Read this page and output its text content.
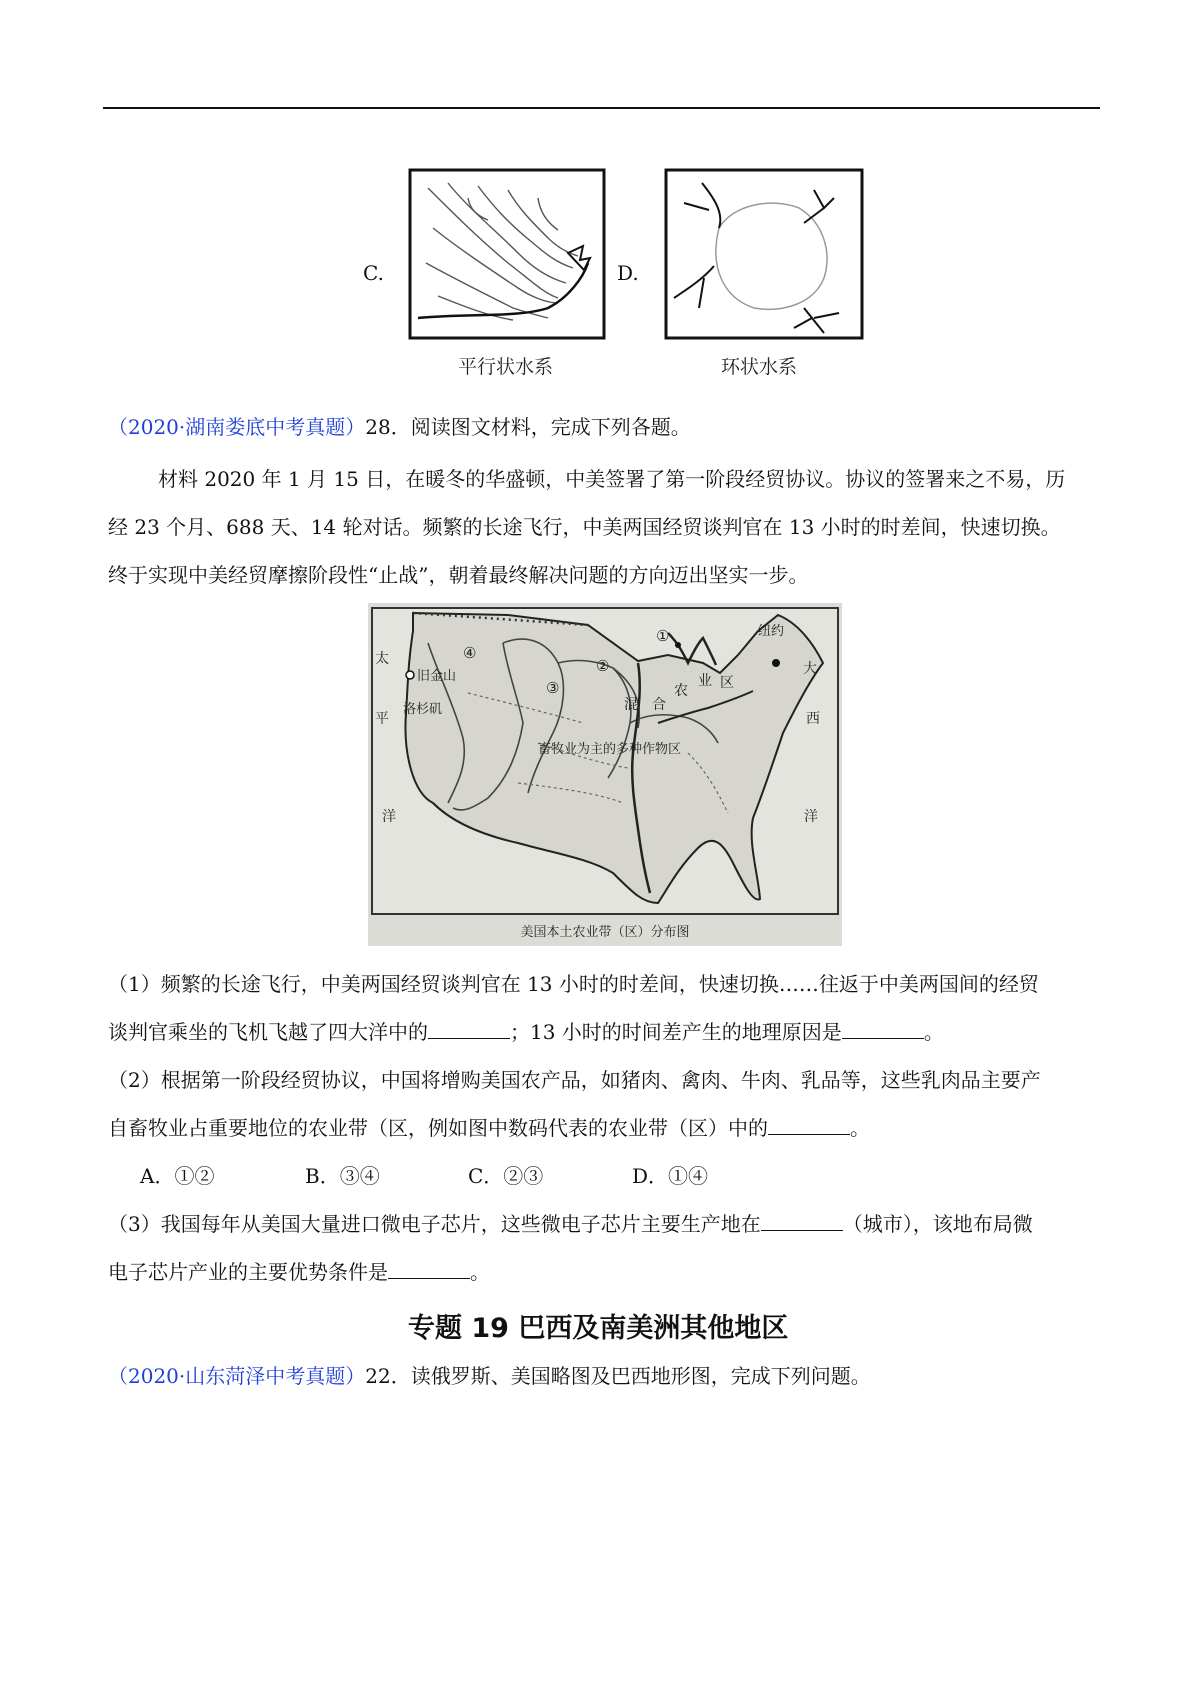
C.
平行状水系
D.
环状水系
（2020·湖南娄底中考真题）28．阅读图文材料，完成下列各题。
材料 2020 年 1 月 15 日，在暖冬的华盛顿，中美签署了第一阶段经贸协议。协议的签署来之不易，历
经 23 个月、688 天、14 轮对话。频繁的长途飞行，中美两国经贸谈判官在 13 小时的时差间，快速切换。
终于实现中美经贸摩擦阶段性“止战”，朝着最终解决问题的方向迈出坚实一步。
太
平
洋
大
西
洋
旧金山
洛杉矶
纽约
①
②
③
④
混 合
农
业 区
畜牧业为主的多种作物区
美国本土农业带（区）分布图
（1）频繁的长途飞行，中美两国经贸谈判官在 13 小时的时差间，快速切换……往返于中美两国间的经贸
谈判官乘坐的飞机飞越了四大洋中的	；13 小时的时间差产生的地理原因是	。
（2）根据第一阶段经贸协议，中国将增购美国农产品，如猪肉、禽肉、牛肉、乳品等，这些乳肉品主要产
自畜牧业占重要地位的农业带（区，例如图中数码代表的农业带（区）中的	。
A．①②	B．③④	C．②③	D．①④
（3）我国每年从美国大量进口微电子芯片，这些微电子芯片主要生产地在	（城市），该地布局微
电子芯片产业的主要优势条件是	。
专题 19 巴西及南美洲其他地区
（2020·山东菏泽中考真题）22．读俄罗斯、美国略图及巴西地形图，完成下列问题。
